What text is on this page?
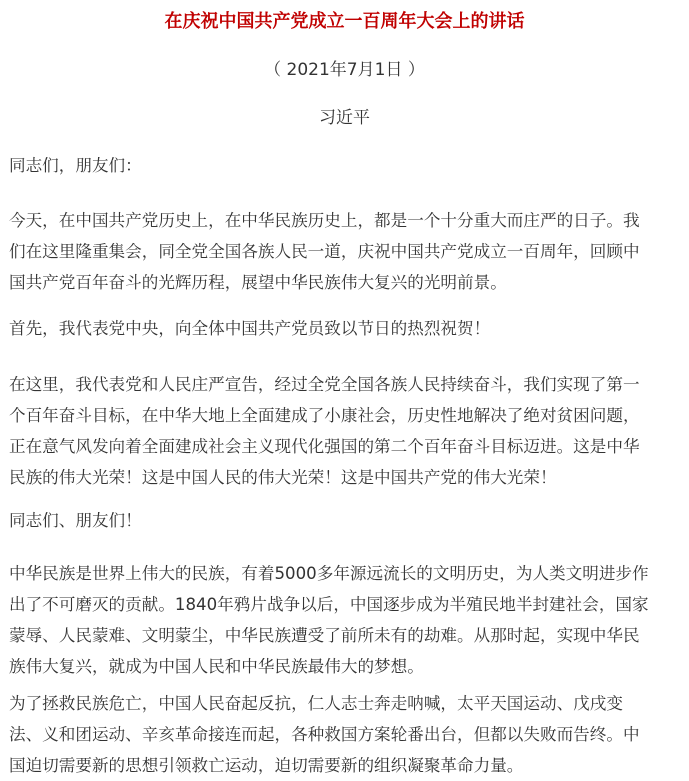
在庆祝中国共产党成立一百周年大会上的讲话
（ 2021年7月1日 ）
习近平
同志们，朋友们：
今天，在中国共产党历史上，在中华民族历史上，都是一个十分重大而庄严的日子。我
们在这里隆重集会，同全党全国各族人民一道，庆祝中国共产党成立一百周年，回顾中
国共产党百年奋斗的光辉历程，展望中华民族伟大复兴的光明前景。
首先，我代表党中央，向全体中国共产党员致以节日的热烈祝贺！
在这里，我代表党和人民庄严宣告，经过全党全国各族人民持续奋斗，我们实现了第一
个百年奋斗目标，在中华大地上全面建成了小康社会，历史性地解决了绝对贫困问题，
正在意气风发向着全面建成社会主义现代化强国的第二个百年奋斗目标迈进。这是中华
民族的伟大光荣！这是中国人民的伟大光荣！这是中国共产党的伟大光荣！
同志们、朋友们！
中华民族是世界上伟大的民族，有着5000多年源远流长的文明历史，为人类文明进步作
出了不可磨灭的贡献。1840年鸦片战争以后，中国逐步成为半殖民地半封建社会，国家
蒙辱、人民蒙难、文明蒙尘，中华民族遭受了前所未有的劫难。从那时起，实现中华民
族伟大复兴，就成为中国人民和中华民族最伟大的梦想。
为了拯救民族危亡，中国人民奋起反抗，仁人志士奔走呐喊，太平天国运动、戊戌变
法、义和团运动、辛亥革命接连而起，各种救国方案轮番出台，但都以失败而告终。中
国迫切需要新的思想引领救亡运动，迫切需要新的组织凝聚革命力量。
